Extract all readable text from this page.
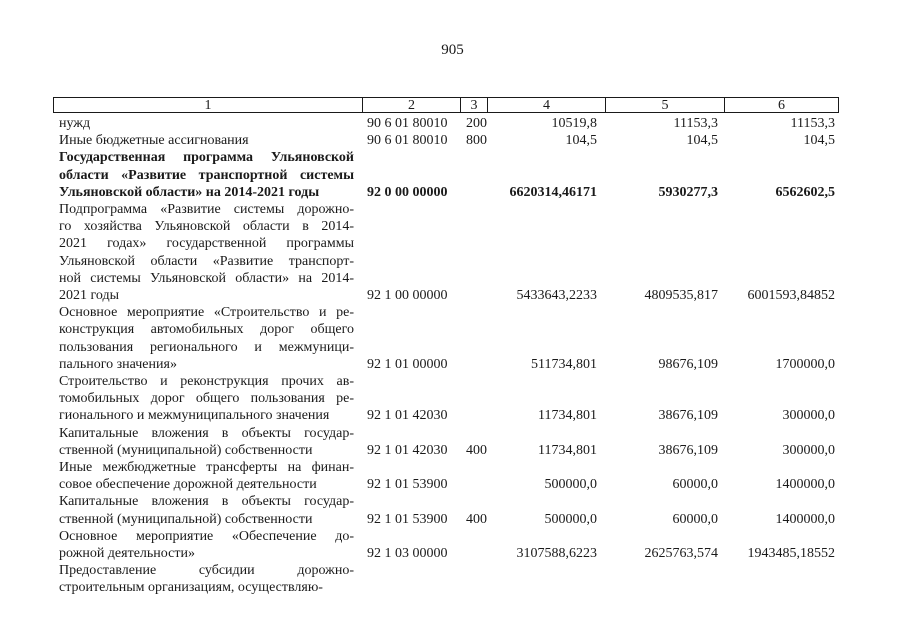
905
1	2	3	4	5	6
нужд	90 6 01 80010 200	10519,8	11153,3	11153,3
Иные бюджетные ассигнования	90 6 01 80010 800	104,5	104,5	104,5
Государственная программа Ульяновской
области «Развитие транспортной системы
Ульяновской области» на 2014-2021 годы	92 0 00 00000	6620314,46171	5930277,3	6562602,5
Подпрограмма «Развитие системы дорожно-
го хозяйства Ульяновской области в 2014-
2021 годах» государственной программы
Ульяновской области «Развитие транспорт-
ной системы Ульяновской области» на 2014-
2021 годы	92 1 00 00000	5433643,2233	4809535,817 6001593,84852
Основное мероприятие «Строительство и ре-
конструкция автомобильных дорог общего
пользования регионального и межмуници-
пального значения»	92 1 01 00000	511734,801	98676,109	1700000,0
Строительство и реконструкция прочих ав-
томобильных дорог общего пользования ре-
гионального и межмуниципального значения	92 1 01 42030	11734,801	38676,109	300000,0
Капитальные вложения в объекты государ-
ственной (муниципальной) собственности	92 1 01 42030 400	11734,801	38676,109	300000,0
Иные межбюджетные трансферты на финан-
совое обеспечение дорожной деятельности	92 1 01 53900	500000,0	60000,0	1400000,0
Капитальные вложения в объекты государ-
ственной (муниципальной) собственности	92 1 01 53900 400	500000,0	60000,0	1400000,0
Основное мероприятие «Обеспечение до-
рожной деятельности»	92 1 03 00000	3107588,6223	2625763,574 1943485,18552
Предоставление субсидии дорожно-
строительным организациям, осуществляю-
